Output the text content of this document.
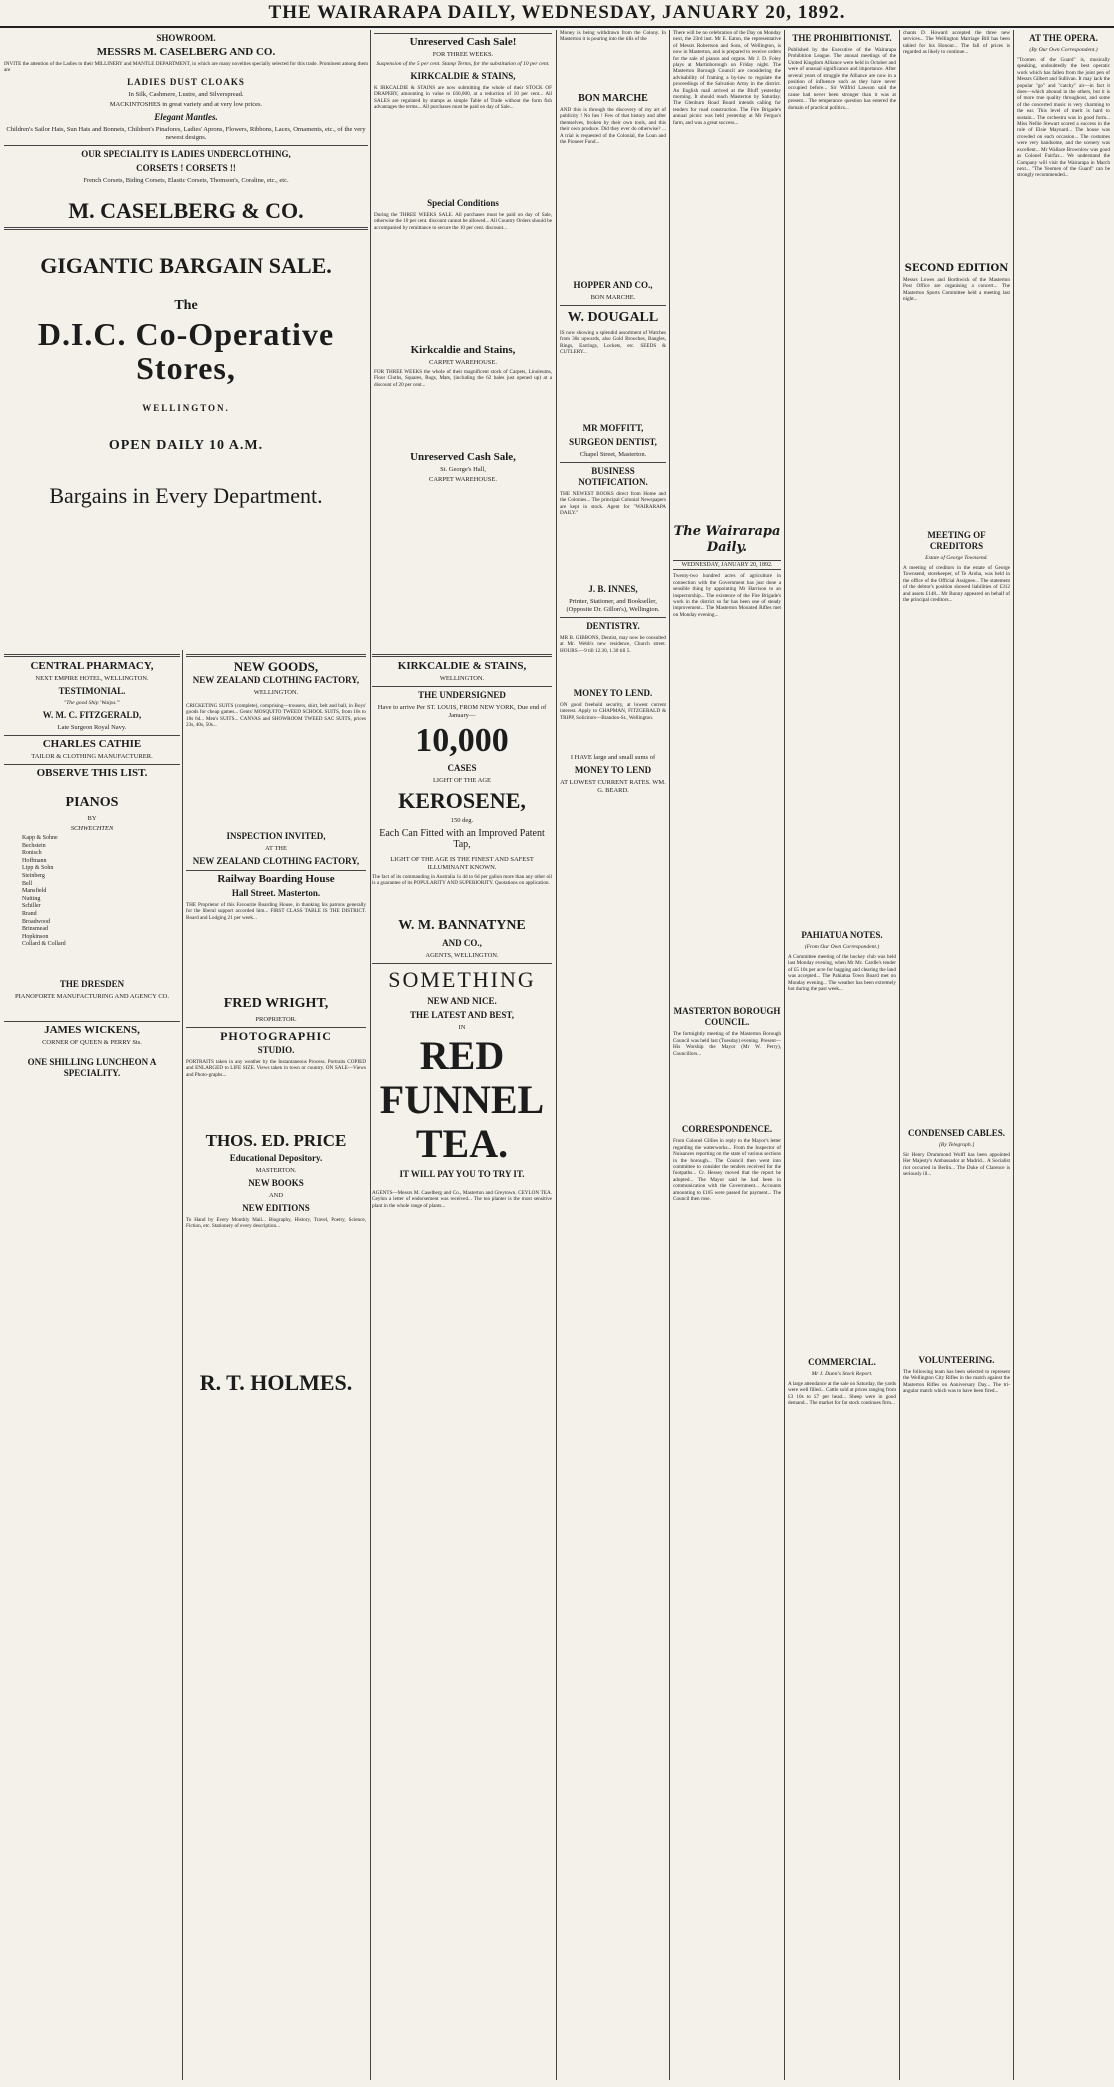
THE WAIRARAPA DAILY, WEDNESDAY, JANUARY 20, 1892.
SHOWROOM.
MESSRS M. CASELBERG AND CO.
INVITE the attention of the Ladies to their MILLINERY and MANTLE DEPARTMENT, in which are many novelties specially selected for this trade. Prominent among them are
LADIES DUST CLOAKS
In Silk, Cashmere, Lustre, and Silverspread.
MACKINTOSHES in great variety and at very low prices.
Elegant Mantles.
Children's Sailor Hats, Sun Hats and Bonnets, Children's Pinafores, Ladies' Aprons, Flowers, Ribbons, Laces, Ornaments, etc., of the very newest designs.
OUR SPECIALITY IS LADIES UNDERCLOTHING,
CORSETS ! CORSETS !!
French Corsets, Biding Corsets, Elastic Corsets, Thomson's, Coraline, etc., etc.
M. CASELBERG & CO.
GIGANTIC BARGAIN SALE.
The
D.I.C. Co-Operative Stores,
WELLINGTON.
OPEN DAILY 10 A.M.
Bargains in Every Department.
CENTRAL PHARMACY,
NEXT EMPIRE HOTEL, WELLINGTON.
TESTIMONIAL.
"The good Ship 'Waipa.'"
W. M. C. FITZGERALD,
Late Surgeon Royal Navy.
CHARLES CATHIE
TAILOR & CLOTHING MANUFACTURER.
OBSERVE THIS LIST.
PIANOS
BY
SCHWECHTEN
Kapp & Sohne
Bechstein
Ronisch
Hoffmann
Lipp & Sohn
Steinberg
Bell
Mansfield
Nutting
Schiller
Rrand
Broadwood
Brinsmead
Hopkinson
Collard & Collard
THE DRESDEN
PIANOFORTE MANUFACTURING AND AGENCY CO.
JAMES WICKENS,
CORNER OF QUEEN & PERRY Sts.
ONE SHILLING LUNCHEON A SPECIALITY.
NEW GOODS,
NEW ZEALAND CLOTHING FACTORY,
WELLINGTON.
CRICKETING SUITS (complete), comprising—trousers, shirt, belt and ball, in Boys' goods for cheap games... Gents' MOSQUITO TWEED SCHOOL SUITS, from 10s to 18s 6d... Men's SUITS... CANVAS and SHOWROOM TWEED SAC SUITS, prices 23s, 40s, 50s...
INSPECTION INVITED,
AT THE
NEW ZEALAND CLOTHING FACTORY,
Railway Boarding House
Hall Street. Masterton.
THE Proprietor of this Favourite Boarding House, in thanking his patrons generally for the liberal support accorded him... FIRST CLASS TABLE IS THE DISTRICT. Board and Lodging 21 per week...
FRED WRIGHT,
PROPRIETOR.
PHOTOGRAPHIC
STUDIO.
PORTRAITS taken in any weather by the Instantaneous Process. Portraits COPIED and ENLARGED to LIFE SIZE. Views taken in town or country. ON SALE—Views and Photo-graphs...
THOS. ED. PRICE
Educational Depository.
MASTERTON.
NEW BOOKS
AND
NEW EDITIONS
To Hand by Every Monthly Mail... Biography, History, Travel, Poetry, Science, Fiction, etc. Stationery of every description...
R. T. HOLMES.
Unreserved Cash Sale!
FOR THREE WEEKS.
Suspension of the 5 per cent. Stamp Terms, for the substitution of 10 per cent.
KIRKCALDIE & STAINS,
K IRKCALDIE & STAINS are now submitting the whole of their STOCK OF DRAPERY, amounting in value to £60,000, at a reduction of 10 per cent... All SALES are regulated by stamps as simple Table of Trade without the form fish advantages the terms... All purchases must be paid on day of Sale...
Special Conditions
During the THREE WEEKS SALE. All purchases must be paid on day of Sale, otherwise the 10 per cent. discount cannot be allowed... All Country Orders should be accompanied by remittance to secure the 10 per cent. discount...
Kirkcaldie and Stains,
CARPET WAREHOUSE.
FOR THREE WEEKS the whole of their magnificent stock of Carpets, Linoleums, Floor Cloths, Squares, Rugs, Mats, (including the 62 bales just opened up) at a discount of 20 per cent...
Unreserved Cash Sale,
St. George's Hall,
CARPET WAREHOUSE.
KIRKCALDIE & STAINS,
WELLINGTON.
THE UNDERSIGNED
Have to arrive Per ST. LOUIS, FROM NEW YORK, Due end of January—
10,000
CASES
LIGHT OF THE AGE
KEROSENE,
150 deg.
Each Can Fitted with an Improved Patent Tap,
LIGHT OF THE AGE IS THE FINEST AND SAFEST ILLUMINANT KNOWN.
The fact of its commanding in Australia 1s 4d to 6d per gallon more than any other oil is a guarantee of its POPULARITY AND SUPERIORITY. Quotations on application.
W. M. BANNATYNE
AND CO.,
AGENTS, WELLINGTON.
SOMETHING
NEW AND NICE.
THE LATEST AND BEST,
IN
RED FUNNEL TEA.
IT WILL PAY YOU TO TRY IT.
AGENTS—Messrs M. Caselberg and Co., Masterton and Greytown. CEYLON TEA. Ceylon a letter of endorsement was received... The tea planter is the most sensitive plant in the whole range of plants...
Money is being withdrawn from the Colony. In Masterton it is pouring into the tills of the
BON MARCHE
AND this is through the discovery of my art of publicity ! No lies ! Few of that history and after themselves, broken by their own tools, and this their own produce. Did they ever do otherwise? ... A trial is requested of the Colonial, the Loan and the Pioneer Fund...
HOPPER AND CO.,
BON MARCHE.
W. DOUGALL
IS now showing a splendid assortment of Watches from 30s upwards, also Gold Brooches, Bangles, Rings, Earrings, Lockets, etc. SEEDS & CUTLERY...
MR MOFFITT,
SURGEON DENTIST,
Chapel Street, Masterton.
BUSINESS NOTIFICATION.
THE NEWEST BOOKS direct from Home and the Colonies... The principal Colonial Newspapers are kept in stock. Agent for "WAIRARAPA DAILY."
J. B. INNES,
Printer, Stationer, and Bookseller, (Opposite Dr. Gillon's), Wellington.
DENTISTRY.
MR B. GIBBONS, Dentist, may now be consulted at Mr. Webb's new residence, Church street. HOURS.—9 till 12.30, 1.30 till 5.
MONEY TO LEND.
ON good freehold security, at lowest current interest. Apply to CHAPMAN, FITZGERALD & TRIPP, Solicitors—Brandon-St., Wellington.
I HAVE large and small sums of
MONEY TO LEND
AT LOWEST CURRENT RATES. WM. G. BEARD.
There will be no celebration of the Day on Monday next, the 23rd inst. Mr E. Eaton, the representative of Messrs Robertson and Sons, of Wellington, is now in Masterton, and is prepared to receive orders for the sale of pianos and organs. Mr J. D. Foley plays at Martinborough on Friday night. The Masterton Borough Council are considering the advisability of framing a by-law to regulate the proceedings of the Salvation Army in the district. An English mail arrived at the Bluff yesterday morning. It should reach Masterton by Saturday. The Glenburn Road Board intends calling for tenders for road construction. The Fire Brigade's annual picnic was held yesterday at Mr Fergus's farm, and was a great success...
The Wairarapa Daily.
WEDNESDAY, JANUARY 20, 1892.
Twenty-two hundred acres of agriculture in connection with the Government has just done a sensible thing by appointing Mr Harrison to an inspectorship... The existence of the Fire Brigade's work in the district so far has been one of steady improvement... The Masterton Mounted Rifles met on Monday evening...
MASTERTON BOROUGH COUNCIL.
The fortnightly meeting of the Masterton Borough Council was held last (Tuesday) evening. Present—His Worship the Mayor (Mr W. Perry), Councillors...
CORRESPONDENCE.
From Colonel Gillies in reply to the Mayor's letter regarding the waterworks... From the Inspector of Nuisances reporting on the state of various sections in the borough... The Council then went into committee to consider the tenders received for the footpaths... Cr. Hessey moved that the report be adopted... The Mayor said he had been in communication with the Government... Accounts amounting to £165 were passed for payment... The Council then rose.
THE PROHIBITIONIST.
Published by the Executive of the Wairarapa Prohibition League. The annual meetings of the United Kingdom Alliance were held in October and were of unusual significance and importance. After several years of struggle the Alliance are now in a position of influence such as they have never occupied before... Sir Wilfrid Lawson said the cause had never been stronger than it was at present... The temperance question has entered the domain of practical politics...
PAHIATUA NOTES.
(From Our Own Correspondent.)
A Committee meeting of the hockey club was held last Monday evening, when Mr Mc. Cardle's tender of £5 10s per acre for bagging and clearing the land was accepted... The Pahiatua Town Board met on Monday evening... The weather has been extremely hot during the past week...
COMMERCIAL.
Mr J. Dunn's Stock Report.
A large attendance at the sale on Saturday, the yards were well filled... Cattle sold at prices ranging from £3 10s to £7 per head... Sheep were in good demand... The market for fat stock continues firm...
chants D. Howard accepted the three new services... The Wellington Marriage Bill has been tabled for his Honour... The fall of prices is regarded as likely to continue...
SECOND EDITION
Messrs Lowes and Borthwick of the Masterton Post Office are organising a concert... The Masterton Sports Committee held a meeting last night...
MEETING OF CREDITORS
Estate of George Townsend.
A meeting of creditors in the estate of George Townsend, storekeeper, of Te Aroha, was held in the office of the Official Assignee... The statement of the debtor's position showed liabilities of £312 and assets £148... Mr Bunny appeared on behalf of the principal creditors...
CONDENSED CABLES.
[By Telegraph.]
Sir Henry Drummond Wolff has been appointed Her Majesty's Ambassador at Madrid... A Socialist riot occurred in Berlin... The Duke of Clarence is seriously ill...
VOLUNTEERING.
The following team has been selected to represent the Wellington City Rifles in the match against the Masterton Rifles on Anniversary Day... The tri-angular match which was to have been fired...
AT THE OPERA.
(By Our Own Correspondent.)
"Tcomen of the Guard" is, musically speaking, undoubtedly the best operatic work which has fallen from the joint pen of Messrs Gilbert and Sullivan. It may lack the popular "go" and "catchy" air—in fact it does—which abound in the others, but it is of more true quality throughout, and some of the concerted music is very charming to the ear. This level of merit is hard to sustain... The orchestra was in good form... Miss Nellie Stewart scored a success in the role of Elsie Maynard... The house was crowded on each occasion... The costumes were very handsome, and the scenery was excellent... Mr Wallace Brownlow was good as Colonel Fairfax... We understand the Company will visit the Wairarapa in March next... "The Yeomen of the Guard" can be strongly recommended...
